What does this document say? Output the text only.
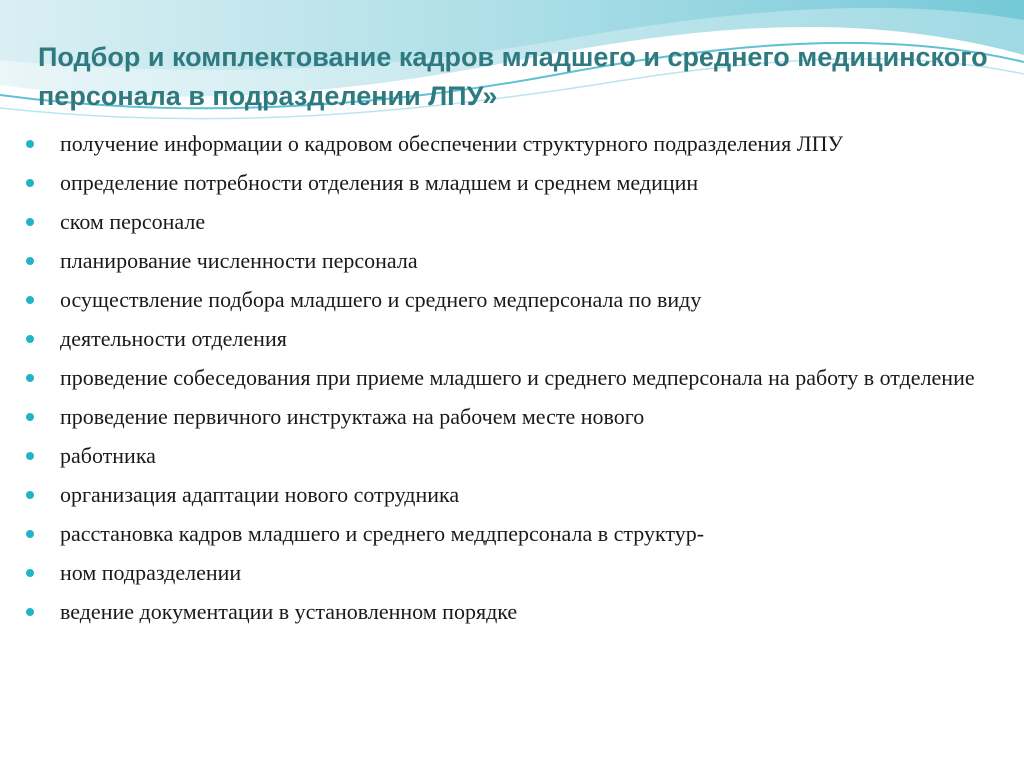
Подбор и комплектование кадров младшего и среднего медицинского персонала в подразделении ЛПУ»
получение информации о кадровом обеспечении структурного подразделения ЛПУ
определение потребности отделения в младшем и среднем медицин
ском персонале
планирование численности персонала
осуществление подбора младшего и среднего медперсонала по виду
деятельности отделения
проведение собеседования при приеме младшего и среднего медперсонала на работу в отделение
проведение первичного инструктажа на рабочем месте нового
работника
организация адаптации нового сотрудника
расстановка кадров младшего и среднего меддперсонала в структур-
ном подразделении
ведение документации в установленном порядке
